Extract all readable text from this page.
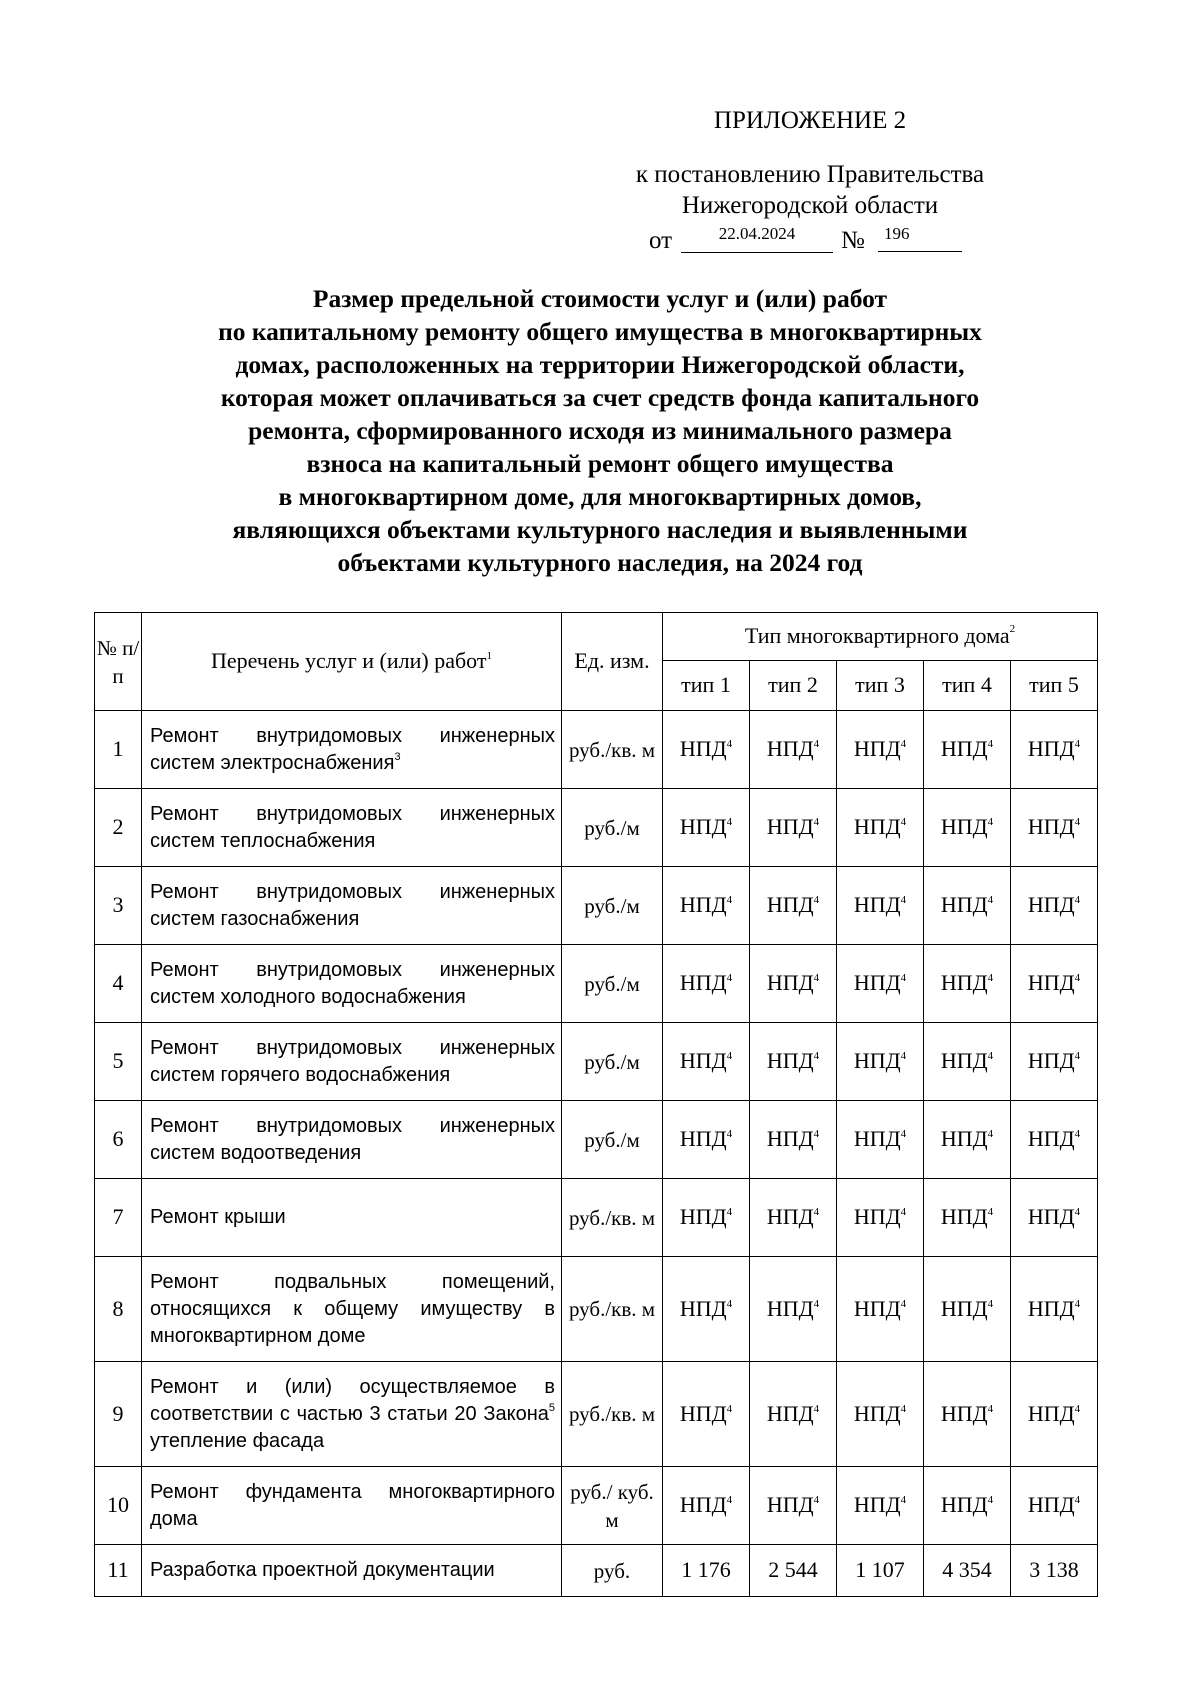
ПРИЛОЖЕНИЕ 2
к постановлению Правительства
Нижегородской области
от	22.04.2024	№	196
Размер предельной стоимости услуг и (или) работ
по капитальному ремонту общего имущества в многоквартирных
домах, расположенных на территории Нижегородской области,
которая может оплачиваться за счет средств фонда капитального
ремонта, сформированного исходя из минимального размера
взноса на капитальный ремонт общего имущества
в многоквартирном доме, для многоквартирных домов,
являющихся объектами культурного наследия и выявленными
объектами культурного наследия, на 2024 год
№ п/п	Перечень услуг и (или) работ$^1$	Ед. изм.	Тип многоквартирного дома$^2$
			тип 1	тип 2	тип 3	тип 4	тип 5
1	Ремонт внутридомовых инженерных систем электроснабжения$^3$	руб./кв. м	НПД$^4$	НПД$^4$	НПД$^4$	НПД$^4$	НПД$^4$
2	Ремонт внутридомовых инженерных систем теплоснабжения	руб./м	НПД$^4$	НПД$^4$	НПД$^4$	НПД$^4$	НПД$^4$
3	Ремонт внутридомовых инженерных систем газоснабжения	руб./м	НПД$^4$	НПД$^4$	НПД$^4$	НПД$^4$	НПД$^4$
4	Ремонт внутридомовых инженерных систем холодного водоснабжения	руб./м	НПД$^4$	НПД$^4$	НПД$^4$	НПД$^4$	НПД$^4$
5	Ремонт внутридомовых инженерных систем горячего водоснабжения	руб./м	НПД$^4$	НПД$^4$	НПД$^4$	НПД$^4$	НПД$^4$
6	Ремонт внутридомовых инженерных систем водоотведения	руб./м	НПД$^4$	НПД$^4$	НПД$^4$	НПД$^4$	НПД$^4$
7	Ремонт крыши	руб./кв. м	НПД$^4$	НПД$^4$	НПД$^4$	НПД$^4$	НПД$^4$
8	Ремонт подвальных помещений, относящихся к общему имуществу в многоквартирном доме	руб./кв. м	НПД$^4$	НПД$^4$	НПД$^4$	НПД$^4$	НПД$^4$
9	Ремонт и (или) осуществляемое в соответствии с частью 3 статьи 20 Закона$^5$ утепление фасада	руб./кв. м	НПД$^4$	НПД$^4$	НПД$^4$	НПД$^4$	НПД$^4$
10	Ремонт фундамента многоквартирного дома	руб./ куб. м	НПД$^4$	НПД$^4$	НПД$^4$	НПД$^4$	НПД$^4$
11	Разработка проектной документации	руб.	1 176	2 544	1 107	4 354	3 138
